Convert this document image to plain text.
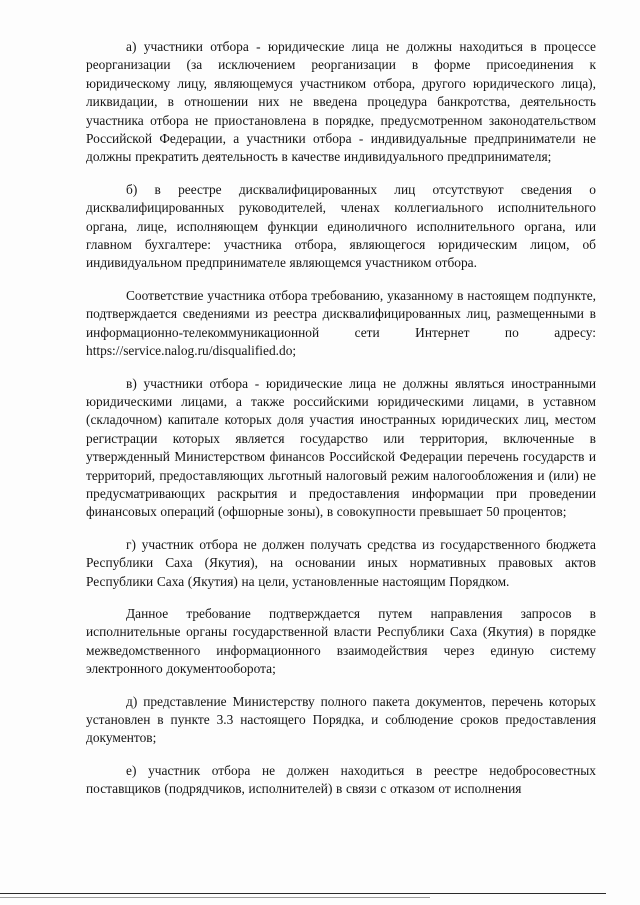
а) участники отбора - юридические лица не должны находиться в процессе реорганизации (за исключением реорганизации в форме присоединения к юридическому лицу, являющемуся участником отбора, другого юридического лица), ликвидации, в отношении них не введена процедура банкротства, деятельность участника отбора не приостановлена в порядке, предусмотренном законодательством Российской Федерации, а участники отбора - индивидуальные предприниматели не должны прекратить деятельность в качестве индивидуального предпринимателя;

б) в реестре дисквалифицированных лиц отсутствуют сведения о дисквалифицированных руководителей, членах коллегиального исполнительного органа, лице, исполняющем функции единоличного исполнительного органа, или главном бухгалтере: участника отбора, являющегося юридическим лицом, об индивидуальном предпринимателе являющемся участником отбора.

Соответствие участника отбора требованию, указанному в настоящем подпункте, подтверждается сведениями из реестра дисквалифицированных лиц, размещенными в информационно-телекоммуникационной сети Интернет по адресу: https://service.nalog.ru/disqualified.do;

в) участники отбора - юридические лица не должны являться иностранными юридическими лицами, а также российскими юридическими лицами, в уставном (складочном) капитале которых доля участия иностранных юридических лиц, местом регистрации которых является государство или территория, включенные в утвержденный Министерством финансов Российской Федерации перечень государств и территорий, предоставляющих льготный налоговый режим налогообложения и (или) не предусматривающих раскрытия и предоставления информации при проведении финансовых операций (офшорные зоны), в совокупности превышает 50 процентов;

г) участник отбора не должен получать средства из государственного бюджета Республики Саха (Якутия), на основании иных нормативных правовых актов Республики Саха (Якутия) на цели, установленные настоящим Порядком.

Данное требование подтверждается путем направления запросов в исполнительные органы государственной власти Республики Саха (Якутия) в порядке межведомственного информационного взаимодействия через единую систему электронного документооборота;

д) представление Министерству полного пакета документов, перечень которых установлен в пункте 3.3 настоящего Порядка, и соблюдение сроков предоставления документов;

е) участник отбора не должен находиться в реестре недобросовестных поставщиков (подрядчиков, исполнителей) в связи с отказом от исполнения
